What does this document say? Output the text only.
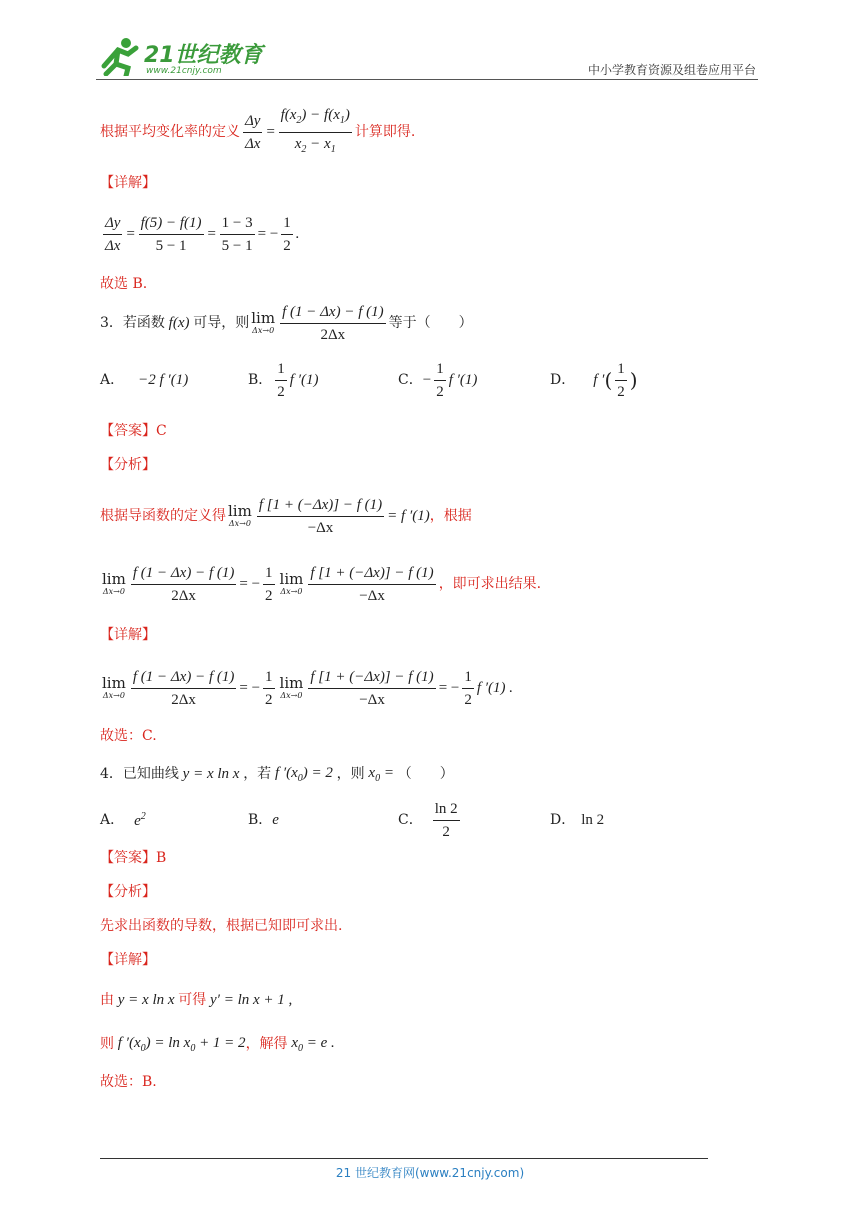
21世纪教育
www.21cnjy.com	中小学教育资源及组卷应用平台
根据平均变化率的定义 $\frac{\Delta y}{\Delta x} = \frac{f(x_2) - f(x_1)}{x_2 - x_1}$ 计算即得.
【详解】
$\frac{\Delta y}{\Delta x} = \frac{f(5) - f(1)}{5 - 1} = \frac{1 - 3}{5 - 1}$ = − $\frac{1}{2}$ .
故选 B.
3．若函数 f(x) 可导，则 lim
$\Delta x\to 0 \frac{f (1 - \Delta x) - f (1)}{2\Delta x}$ 等于（　　）
A． −2 f ′(1)	B． $\frac{1}{2}$ f ′(1)	C． − $\frac{1}{2}$ f ′(1)	D． f ′ ( $\frac{1}{2}$ )
【答案】C
【分析】
根据导函数的定义得 lim
$\Delta x\to 0 \frac{f [1 + (-\Delta x)] - f (1)}{-\Delta x} = f$ ′(1) ，根据
lim
$\Delta x\to 0 \frac{f (1 - \Delta x) - f (1)}{2\Delta x}$ = − $\frac{1}{2}$ lim
$\Delta x\to 0 \frac{f [1 + (-\Delta x)] - f (1)}{-\Delta x}$ ，即可求出结果.
【详解】
lim
$\Delta x\to 0 \frac{f (1 - \Delta x) - f (1)}{2\Delta x}$ = − $\frac{1}{2}$ lim
$\Delta x\to 0 \frac{f [1 + (-\Delta x)] - f (1)}{-\Delta x}$ = − $\frac{1}{2}$ f ′(1) .
故选：C.
4．已知曲线 y = x ln x ，若 f $'(x_0) = 2$ ，则 $x_0$ = （　　）
A． $e^2$	B． e	C． $\frac{\ln 2}{2}$	D． ln 2
【答案】B
【分析】
先求出函数的导数，根据已知即可求出.
【详解】
由 y = x ln x 可得 y′ = ln x + 1 ,
则 f $'(x_0) = \ln x_0 + 1 = 2$ ，解得 $x_0 = e$ .
故选：B.
21 世纪教育网(www.21cnjy.com)
